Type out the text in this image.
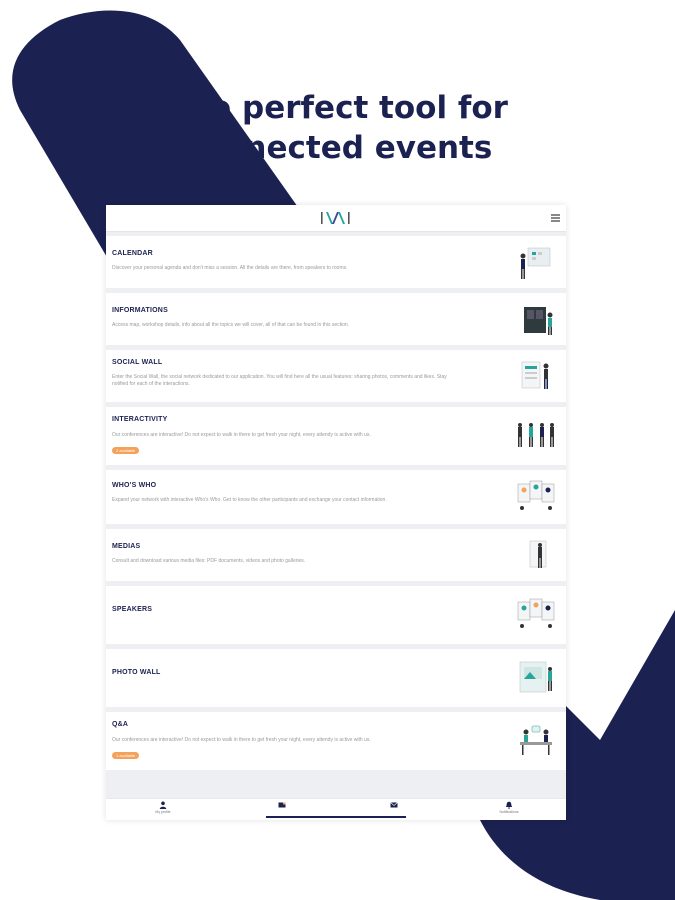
The perfect tool for
connected events
CALENDAR
Discover your personal agenda and don't miss a session. All the details are there, from speakers to rooms.
INFORMATIONS
Access map, workshop details, info about all the topics we will cover, all of that can be found in this section.
SOCIAL WALL
Enter the Social Wall, the social network dedicated to our application. You will find here all the usual features: sharing photos, comments and likes. Stay notified for each of the interactions.
INTERACTIVITY
Our conferences are interactive! Do not expect to walk in there to get fresh your night, every attendy is active with us.
2 available
WHO'S WHO
Expand your network with interactive Who's Who. Get to know the other participants and exchange your contact information.
MEDIAS
Consult and download various media files: PDF documents, videos and photo galleries.
SPEAKERS
PHOTO WALL
Q&A
Our conferences are interactive! Do not expect to walk in there to get fresh your night, every attendy is active with us.
1 available
My profile	Notifications
